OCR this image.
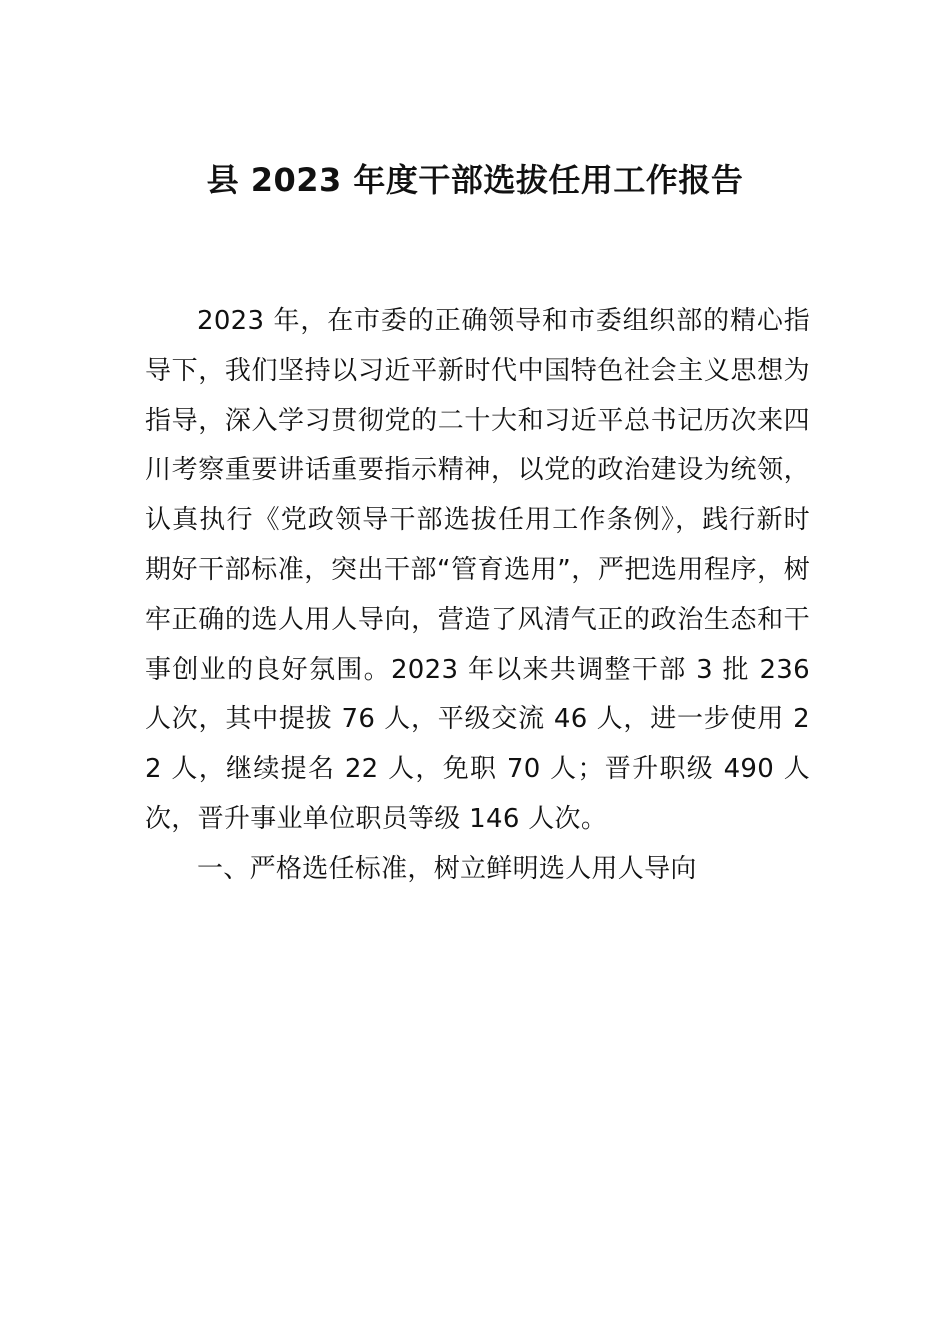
县 2023 年度干部选拔任用工作报告

2023 年，在市委的正确领导和市委组织部的精心指导下，我们坚持以习近平新时代中国特色社会主义思想为指导，深入学习贯彻党的二十大和习近平总书记历次来四川考察重要讲话重要指示精神，以党的政治建设为统领，认真执行《党政领导干部选拔任用工作条例》，践行新时期好干部标准，突出干部“管育选用”，严把选用程序，树牢正确的选人用人导向，营造了风清气正的政治生态和干事创业的良好氛围。2023 年以来共调整干部 3 批 236 人次，其中提拔 76 人，平级交流 46 人，进一步使用 22 人，继续提名 22 人，免职 70 人；晋升职级 490 人次，晋升事业单位职员等级 146 人次。

一、严格选任标准，树立鲜明选人用人导向
